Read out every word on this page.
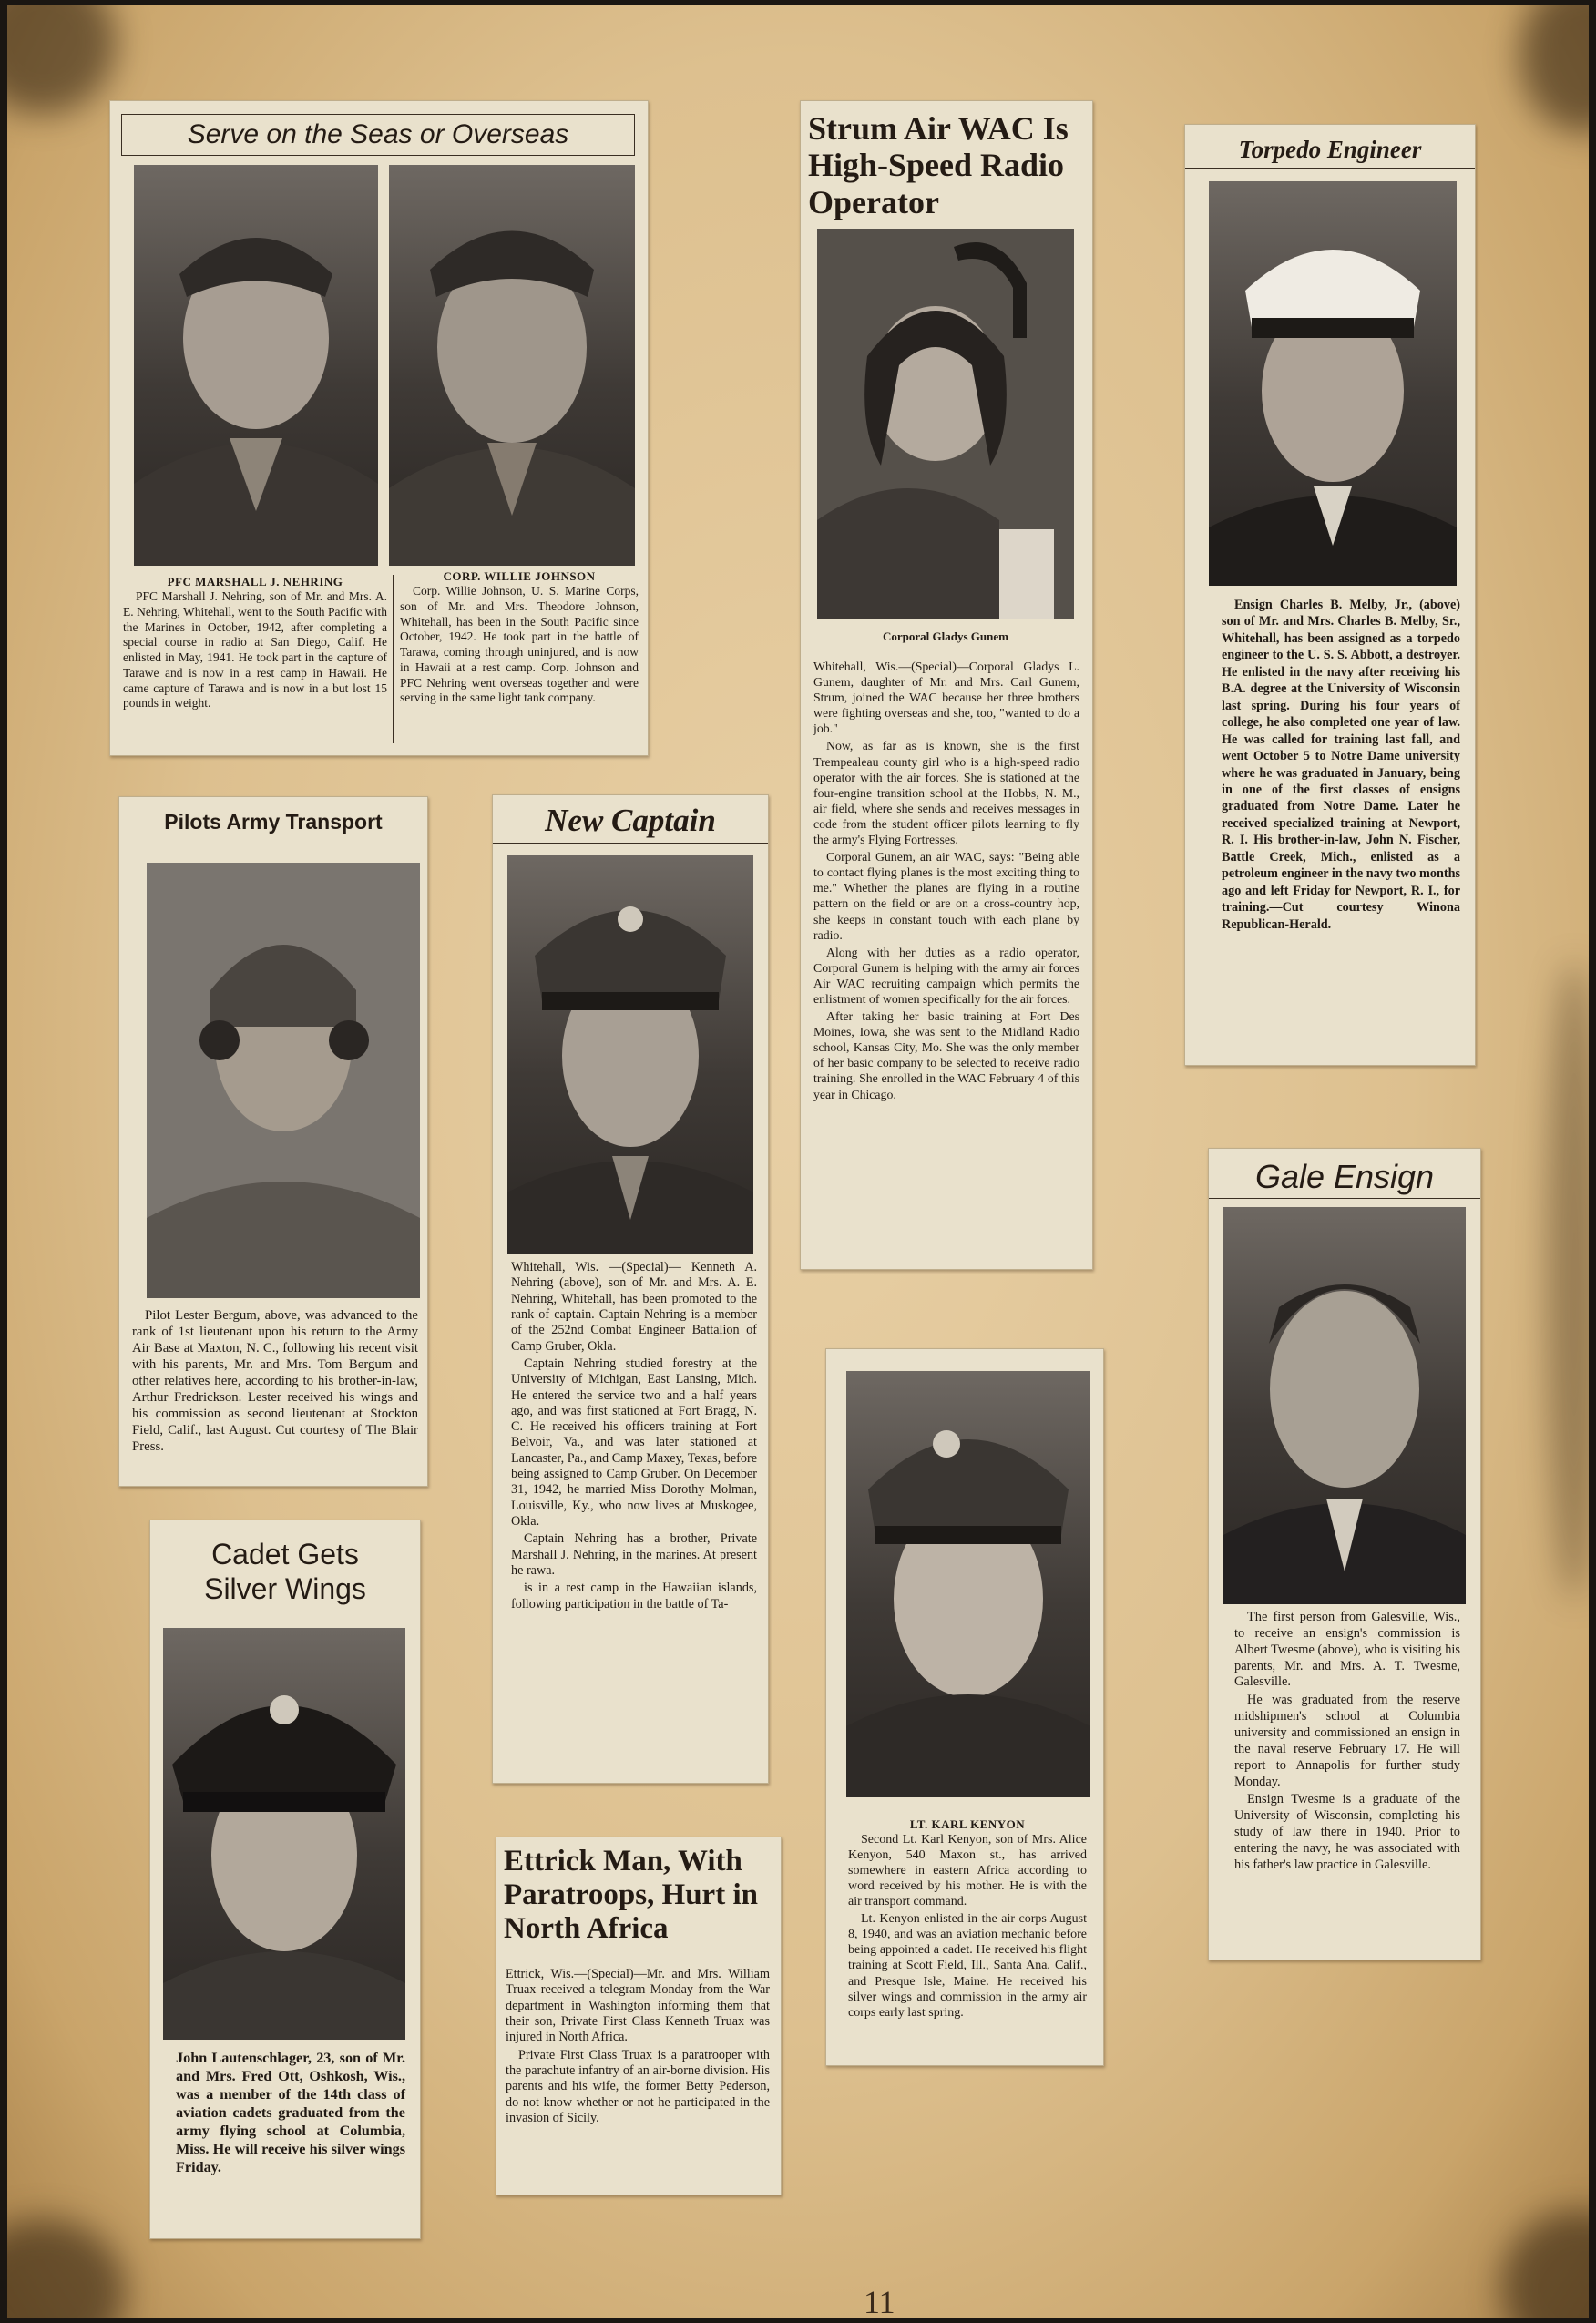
Serve on the Seas or Overseas
PFC MARSHALL J. NEHRING

PFC Marshall J. Nehring, son of Mr. and Mrs. A. E. Nehring, Whitehall, went to the South Pacific with the Marines in October, 1942, after completing a special course in radio at San Diego, Calif. He enlisted in May, 1941. He took part in the capture of Tarawe and is now in a rest camp in Hawaii. He came capture of Tarawa and is now in a but lost 15 pounds in weight.

CORP. WILLIE JOHNSON

Corp. Willie Johnson, U. S. Marine Corps, son of Mr. and Mrs. Theodore Johnson, Whitehall, has been in the South Pacific since October, 1942. He took part in the battle of Tarawa, coming through uninjured, and is now in Hawaii at a rest camp. Corp. Johnson and PFC Nehring went overseas together and were serving in the same light tank company.

Strum Air WAC Is High-Speed Radio Operator
Corporal Gladys Gunem

Whitehall, Wis.—(Special)—Corporal Gladys L. Gunem, daughter of Mr. and Mrs. Carl Gunem, Strum, joined the WAC because her three brothers were fighting overseas and she, too, "wanted to do a job."

Now, as far as is known, she is the first Trempealeau county girl who is a high-speed radio operator with the air forces. She is stationed at the four-engine transition school at the Hobbs, N. M., air field, where she sends and receives messages in code from the student officer pilots learning to fly the army's Flying Fortresses.

Corporal Gunem, an air WAC, says: "Being able to contact flying planes is the most exciting thing to me." Whether the planes are flying in a routine pattern on the field or are on a cross-country hop, she keeps in constant touch with each plane by radio.

Along with her duties as a radio operator, Corporal Gunem is helping with the army air forces Air WAC recruiting campaign which permits the enlistment of women specifically for the air forces.

After taking her basic training at Fort Des Moines, Iowa, she was sent to the Midland Radio school, Kansas City, Mo. She was the only member of her basic company to be selected to receive radio training. She enrolled in the WAC February 4 of this year in Chicago.

Torpedo Engineer

Ensign Charles B. Melby, Jr., (above) son of Mr. and Mrs. Charles B. Melby, Sr., Whitehall, has been assigned as a torpedo engineer to the U. S. S. Abbott, a destroyer. He enlisted in the navy after receiving his B.A. degree at the University of Wisconsin last spring. During his four years of college, he also completed one year of law. He was called for training last fall, and went October 5 to Notre Dame university where he was graduated in January, being in one of the first classes of ensigns graduated from Notre Dame. Later he received specialized training at Newport, R. I. His brother-in-law, John N. Fischer, Battle Creek, Mich., enlisted as a petroleum engineer in the navy two months ago and left Friday for Newport, R. I., for training.—Cut courtesy Winona Republican-Herald.

Pilots Army Transport

Pilot Lester Bergum, above, was advanced to the rank of 1st lieutenant upon his return to the Army Air Base at Maxton, N. C., following his recent visit with his parents, Mr. and Mrs. Tom Bergum and other relatives here, according to his brother-in-law, Arthur Fredrickson. Lester received his wings and his commission as second lieutenant at Stockton Field, Calif., last August. Cut courtesy of The Blair Press.

New Captain

Whitehall, Wis. —(Special)— Kenneth A. Nehring (above), son of Mr. and Mrs. A. E. Nehring, Whitehall, has been promoted to the rank of captain. Captain Nehring is a member of the 252nd Combat Engineer Battalion of Camp Gruber, Okla.

Captain Nehring studied forestry at the University of Michigan, East Lansing, Mich. He entered the service two and a half years ago, and was first stationed at Fort Bragg, N. C. He received his officers training at Fort Belvoir, Va., and was later stationed at Lancaster, Pa., and Camp Maxey, Texas, before being assigned to Camp Gruber. On December 31, 1942, he married Miss Dorothy Molman, Louisville, Ky., who now lives at Muskogee, Okla.

Captain Nehring has a brother, Private Marshall J. Nehring, in the marines. At present he rawa.

is in a rest camp in the Hawaiian islands, following participation in the battle of Ta-

Gale Ensign

The first person from Galesville, Wis., to receive an ensign's commission is Albert Twesme (above), who is visiting his parents, Mr. and Mrs. A. T. Twesme, Galesville.

He was graduated from the reserve midshipmen's school at Columbia university and commissioned an ensign in the naval reserve February 17. He will report to Annapolis for further study Monday.

Ensign Twesme is a graduate of the University of Wisconsin, completing his study of law there in 1940. Prior to entering the navy, he was associated with his father's law practice in Galesville.

Cadet Gets
Silver Wings

John Lautenschlager, 23, son of Mr. and Mrs. Fred Ott, Oshkosh, Wis., was a member of the 14th class of aviation cadets graduated from the army flying school at Columbia, Miss. He will receive his silver wings Friday.

LT. KARL KENYON

Second Lt. Karl Kenyon, son of Mrs. Alice Kenyon, 540 Maxon st., has arrived somewhere in eastern Africa according to word received by his mother. He is with the air transport command.

Lt. Kenyon enlisted in the air corps August 8, 1940, and was an aviation mechanic before being appointed a cadet. He received his flight training at Scott Field, Ill., Santa Ana, Calif., and Presque Isle, Maine. He received his silver wings and commission in the army air corps early last spring.

Ettrick Man, With Paratroops, Hurt in North Africa

Ettrick, Wis.—(Special)—Mr. and Mrs. William Truax received a telegram Monday from the War department in Washington informing them that their son, Private First Class Kenneth Truax was injured in North Africa.

Private First Class Truax is a paratrooper with the parachute infantry of an air-borne division. His parents and his wife, the former Betty Pederson, do not know whether or not he participated in the invasion of Sicily.

11
